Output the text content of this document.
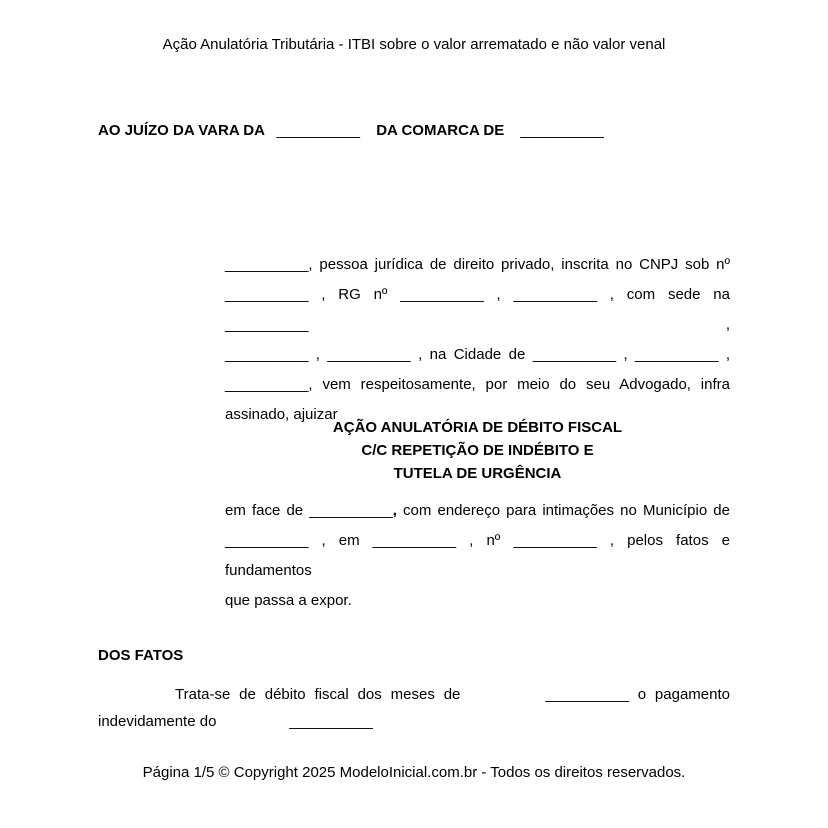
Ação Anulatória Tributária - ITBI sobre o valor arrematado e não valor venal
AO JUÍZO DA VARA DA __________ DA COMARCA DE __________
__________, pessoa jurídica de direito privado, inscrita no CNPJ sob nº
__________ , RG nº __________ , __________ , com sede na __________ ,
__________ , __________ , na Cidade de __________ , __________ ,
__________, vem respeitosamente, por meio do seu Advogado, infra
assinado, ajuizar
AÇÃO ANULATÓRIA DE DÉBITO FISCAL
C/C REPETIÇÃO DE INDÉBITO E
TUTELA DE URGÊNCIA
em face de __________, com endereço para intimações no Município de
__________ , em __________ , nº __________ , pelos fatos e fundamentos
que passa a expor.
DOS FATOS
Trata-se de débito fiscal dos meses de	__________ o pagamento
indevidamente do	__________
Página 1/5 © Copyright 2025 ModeloInicial.com.br - Todos os direitos reservados.
